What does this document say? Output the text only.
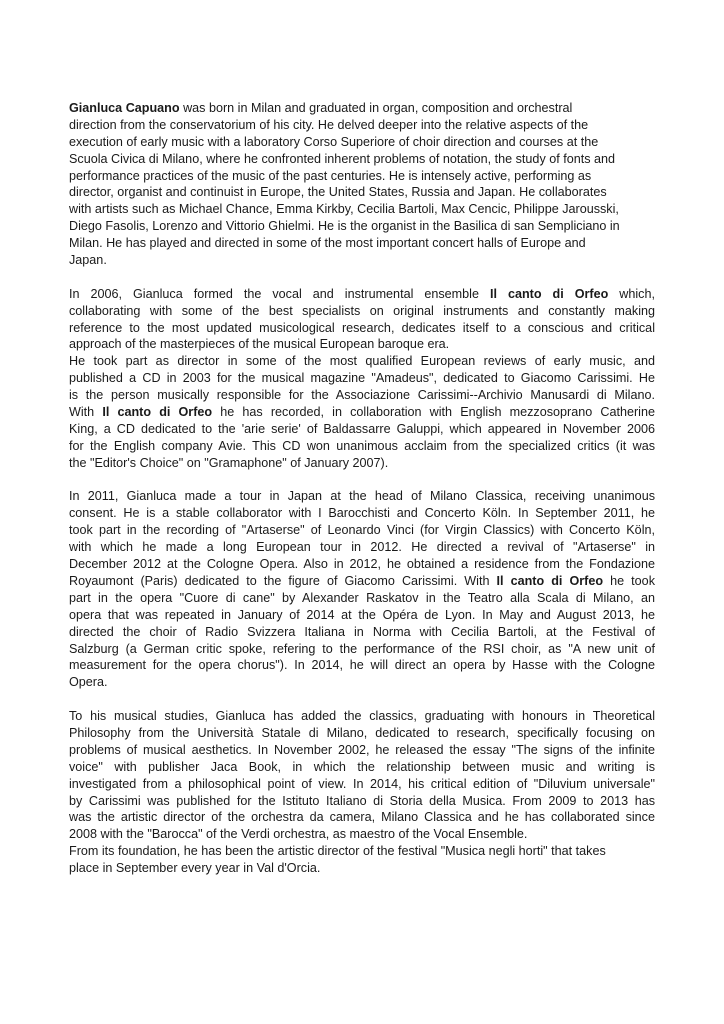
Gianluca Capuano was born in Milan and graduated in organ, composition and orchestral
direction from the conservatorium of his city. He delved deeper into the relative aspects of the
execution of early music with a laboratory Corso Superiore of choir direction and courses at the
Scuola Civica di Milano, where he confronted inherent problems of notation, the study of fonts and
performance practices of the music of the past centuries. He is intensely active, performing as
director, organist and continuist in Europe, the United States, Russia and Japan. He collaborates
with artists such as Michael Chance, Emma Kirkby, Cecilia Bartoli, Max Cencic, Philippe Jarousski,
Diego Fasolis, Lorenzo and Vittorio Ghielmi. He is the organist in the Basilica di san Sempliciano in
Milan. He has played and directed in some of the most important concert halls of Europe and
Japan.
In 2006, Gianluca formed the vocal and instrumental ensemble Il canto di Orfeo which,
collaborating with some of the best specialists on original instruments and constantly making
reference to the most updated musicological research, dedicates itself to a conscious and critical
approach of the masterpieces of the musical European baroque era.
He took part as director in some of the most qualified European reviews of early music, and
published a CD in 2003 for the musical magazine "Amadeus", dedicated to Giacomo Carissimi. He
is the person musically responsible for the Associazione Carissimi--Archivio Manusardi di Milano.
With Il canto di Orfeo he has recorded, in collaboration with English mezzosoprano Catherine
King, a CD dedicated to the 'arie serie' of Baldassarre Galuppi, which appeared in November 2006
for the English company Avie. This CD won unanimous acclaim from the specialized critics (it was
the "Editor's Choice" on "Gramaphone" of January 2007).
In 2011, Gianluca made a tour in Japan at the head of Milano Classica, receiving unanimous
consent. He is a stable collaborator with I Barocchisti and Concerto Köln. In September 2011, he
took part in the recording of "Artaserse" of Leonardo Vinci (for Virgin Classics) with Concerto Köln,
with which he made a long European tour in 2012. He directed a revival of "Artaserse" in
December 2012 at the Cologne Opera. Also in 2012, he obtained a residence from the Fondazione
Royaumont (Paris) dedicated to the figure of Giacomo Carissimi. With Il canto di Orfeo he took
part in the opera "Cuore di cane" by Alexander Raskatov in the Teatro alla Scala di Milano, an
opera that was repeated in January of 2014 at the Opéra de Lyon. In May and August 2013, he
directed the choir of Radio Svizzera Italiana in Norma with Cecilia Bartoli, at the Festival of
Salzburg (a German critic spoke, refering to the performance of the RSI choir, as "A new unit of
measurement for the opera chorus"). In 2014, he will direct an opera by Hasse with the Cologne
Opera.
To his musical studies, Gianluca has added the classics, graduating with honours in Theoretical
Philosophy from the Università Statale di Milano, dedicated to research, specifically focusing on
problems of musical aesthetics. In November 2002, he released the essay "The signs of the infinite
voice" with publisher Jaca Book, in which the relationship between music and writing is
investigated from a philosophical point of view. In 2014, his critical edition of "Diluvium universale"
by Carissimi was published for the Istituto Italiano di Storia della Musica. From 2009 to 2013 has
was the artistic director of the orchestra da camera, Milano Classica and he has collaborated since
2008 with the "Barocca" of the Verdi orchestra, as maestro of the Vocal Ensemble.
From its foundation, he has been the artistic director of the festival "Musica negli horti" that takes
place in September every year in Val d'Orcia.
